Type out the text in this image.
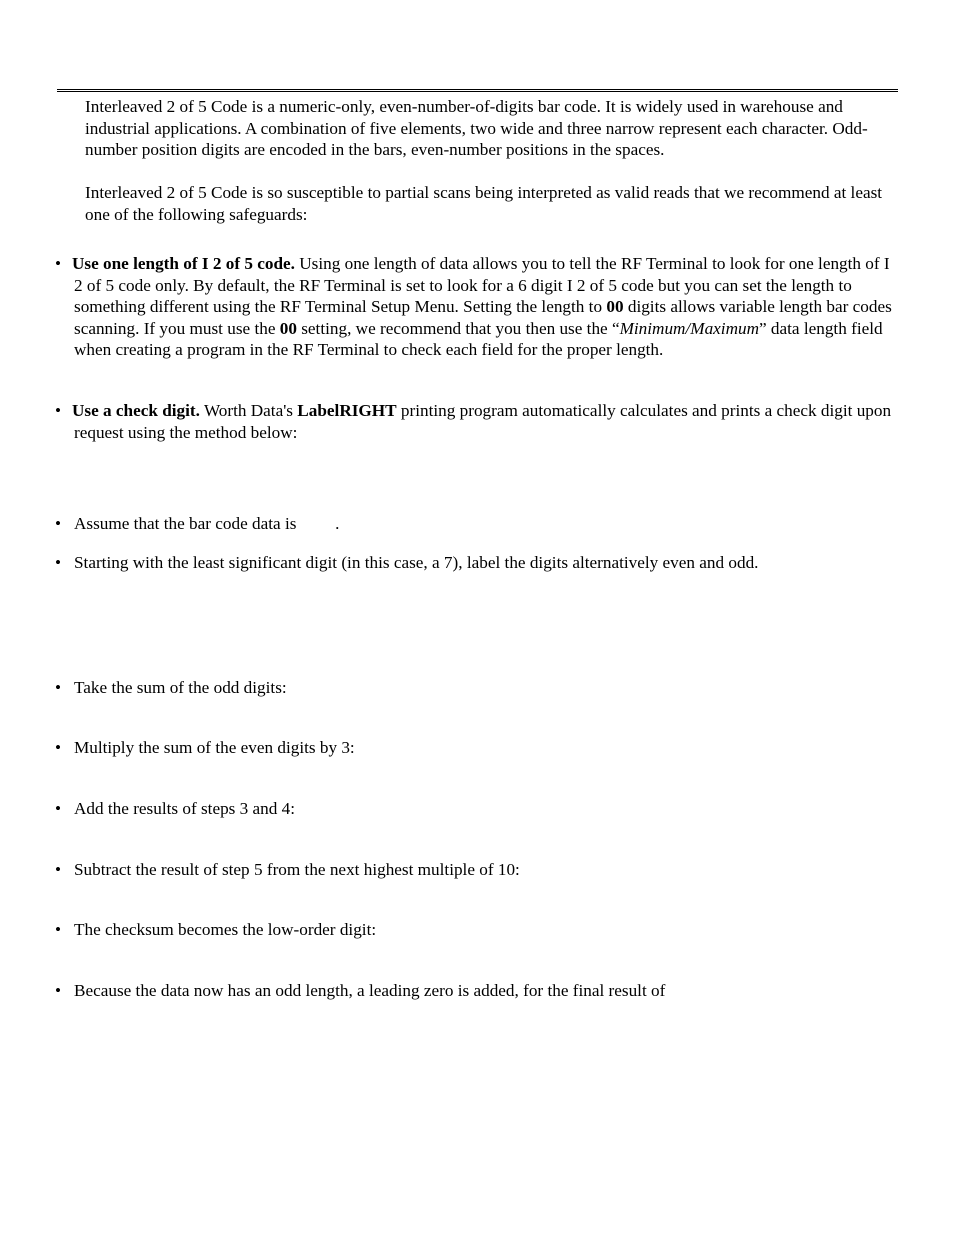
Interleaved 2 of 5 Code is a numeric-only, even-number-of-digits bar code. It is widely used in warehouse and industrial applications. A combination of five elements, two wide and three narrow represent each character. Odd-number position digits are encoded in the bars, even-number positions in the spaces.

Interleaved 2 of 5 Code is so susceptible to partial scans being interpreted as valid reads that we recommend at least one of the following safeguards:

• Use one length of I 2 of 5 code. Using one length of data allows you to tell the RF Terminal to look for one length of I 2 of 5 code only. By default, the RF Terminal is set to look for a 6 digit I 2 of 5 code but you can set the length to something different using the RF Terminal Setup Menu. Setting the length to 00 digits allows variable length bar codes scanning. If you must use the 00 setting, we recommend that you then use the “Minimum/Maximum” data length field when creating a program in the RF Terminal to check each field for the proper length.
• Use a check digit. Worth Data's LabelRIGHT printing program automatically calculates and prints a check digit upon request using the method below:
• Assume that the bar code data is         .
• Starting with the least significant digit (in this case, a 7), label the digits alternatively even and odd.
• Take the sum of the odd digits:
• Multiply the sum of the even digits by 3:
• Add the results of steps 3 and 4:
• Subtract the result of step 5 from the next highest multiple of 10:
• The checksum becomes the low-order digit:
• Because the data now has an odd length, a leading zero is added, for the final result of
